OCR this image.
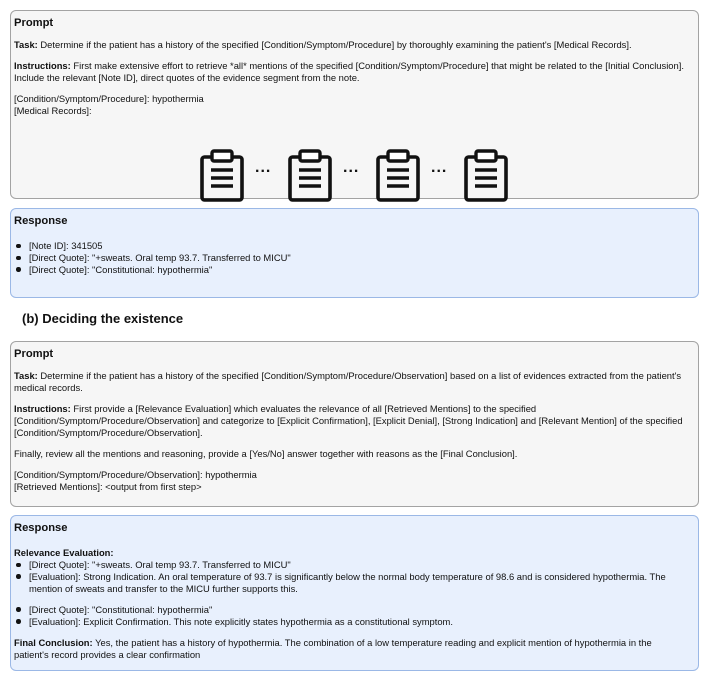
Prompt
Task: Determine if the patient has a history of the specified [Condition/Symptom/Procedure] by thoroughly examining the patient's [Medical Records].
Instructions: First make extensive effort to retrieve *all* mentions of the specified [Condition/Symptom/Procedure] that might be related to the [Initial Conclusion]. Include the relevant [Note ID], direct quotes of the evidence segment from the note.
[Condition/Symptom/Procedure]: hypothermia
[Medical Records]:
...	...	...
Response
[Note ID]: 341505
[Direct Quote]: "+sweats. Oral temp 93.7. Transferred to MICU"
[Direct Quote]: "Constitutional: hypothermia"
(b) Deciding the existence
Prompt
Task: Determine if the patient has a history of the specified [Condition/Symptom/Procedure/Observation] based on a list of evidences extracted from the patient's medical records.
Instructions: First provide a [Relevance Evaluation] which evaluates the relevance of all [Retrieved Mentions] to the specified [Condition/Symptom/Procedure/Observation] and categorize to [Explicit Confirmation], [Explicit Denial], [Strong Indication] and [Relevant Mention] of the specified [Condition/Symptom/Procedure/Observation].
Finally, review all the mentions and reasoning, provide a [Yes/No] answer together with reasons as the [Final Conclusion].
[Condition/Symptom/Procedure/Observation]: hypothermia
[Retrieved Mentions]: <output from first step>
Response
Relevance Evaluation:
[Direct Quote]: "+sweats. Oral temp 93.7. Transferred to MICU"
[Evaluation]: Strong Indication. An oral temperature of 93.7 is significantly below the normal body temperature of 98.6 and is considered hypothermia. The mention of sweats and transfer to the MICU further supports this.
[Direct Quote]: "Constitutional: hypothermia"
[Evaluation]: Explicit Confirmation. This note explicitly states hypothermia as a constitutional symptom.
Final Conclusion: Yes, the patient has a history of hypothermia. The combination of a low temperature reading and explicit mention of hypothermia in the patient's record provides a clear confirmation
